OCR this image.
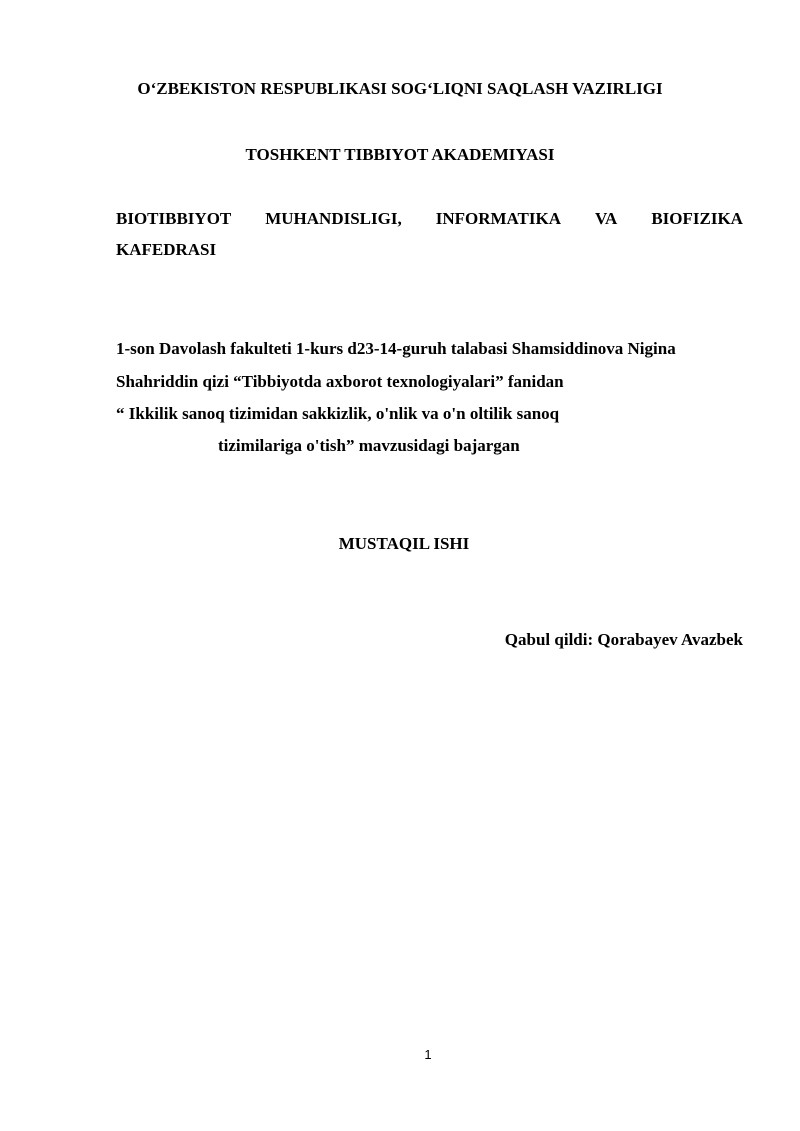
O‘ZBEKISTON RESPUBLIKASI SOG‘LIQNI SAQLASH VAZIRLIGI
TOSHKENT TIBBIYOT AKADEMIYASI
BIOTIBBIYOT MUHANDISLIGI, INFORMATIKA VA BIOFIZIKA
KAFEDRASI
1-son Davolash fakulteti 1-kurs d23-14-guruh talabasi Shamsiddinova Nigina
Shahriddin qizi “Tibbiyotda axborot texnologiyalari” fanidan
“ Ikkilik sanoq tizimidan sakkizlik, o'nlik va o'n oltilik sanoq
tizimilariga o'tish” mavzusidagi bajargan
MUSTAQIL ISHI
Qabul qildi: Qorabayev Avazbek
1
